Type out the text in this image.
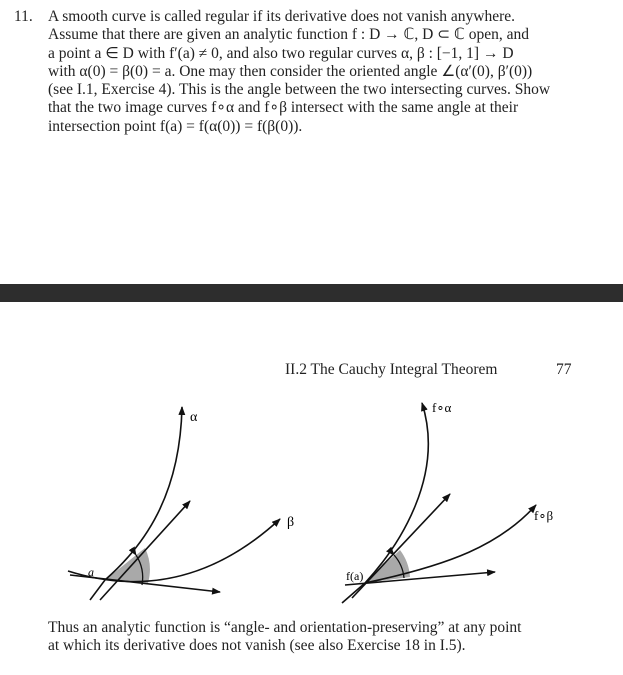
11. A smooth curve is called regular if its derivative does not vanish anywhere.
Assume that there are given an analytic function f : D → ℂ, D ⊂ ℂ open, and
a point a ∈ D with f′(a) ≠ 0, and also two regular curves α, β : [−1, 1] → D
with α(0) = β(0) = a. One may then consider the oriented angle ∠(α′(0), β′(0))
(see I.1, Exercise 4). This is the angle between the two intersecting curves. Show
that the two image curves f∘α and f∘β intersect with the same angle at their
intersection point f(a) = f(α(0)) = f(β(0)).
II.2 The Cauchy Integral Theorem	77
α
β
a
f∘α
f∘β
f(a)
Thus an analytic function is “angle- and orientation-preserving” at any point
at which its derivative does not vanish (see also Exercise 18 in I.5).
